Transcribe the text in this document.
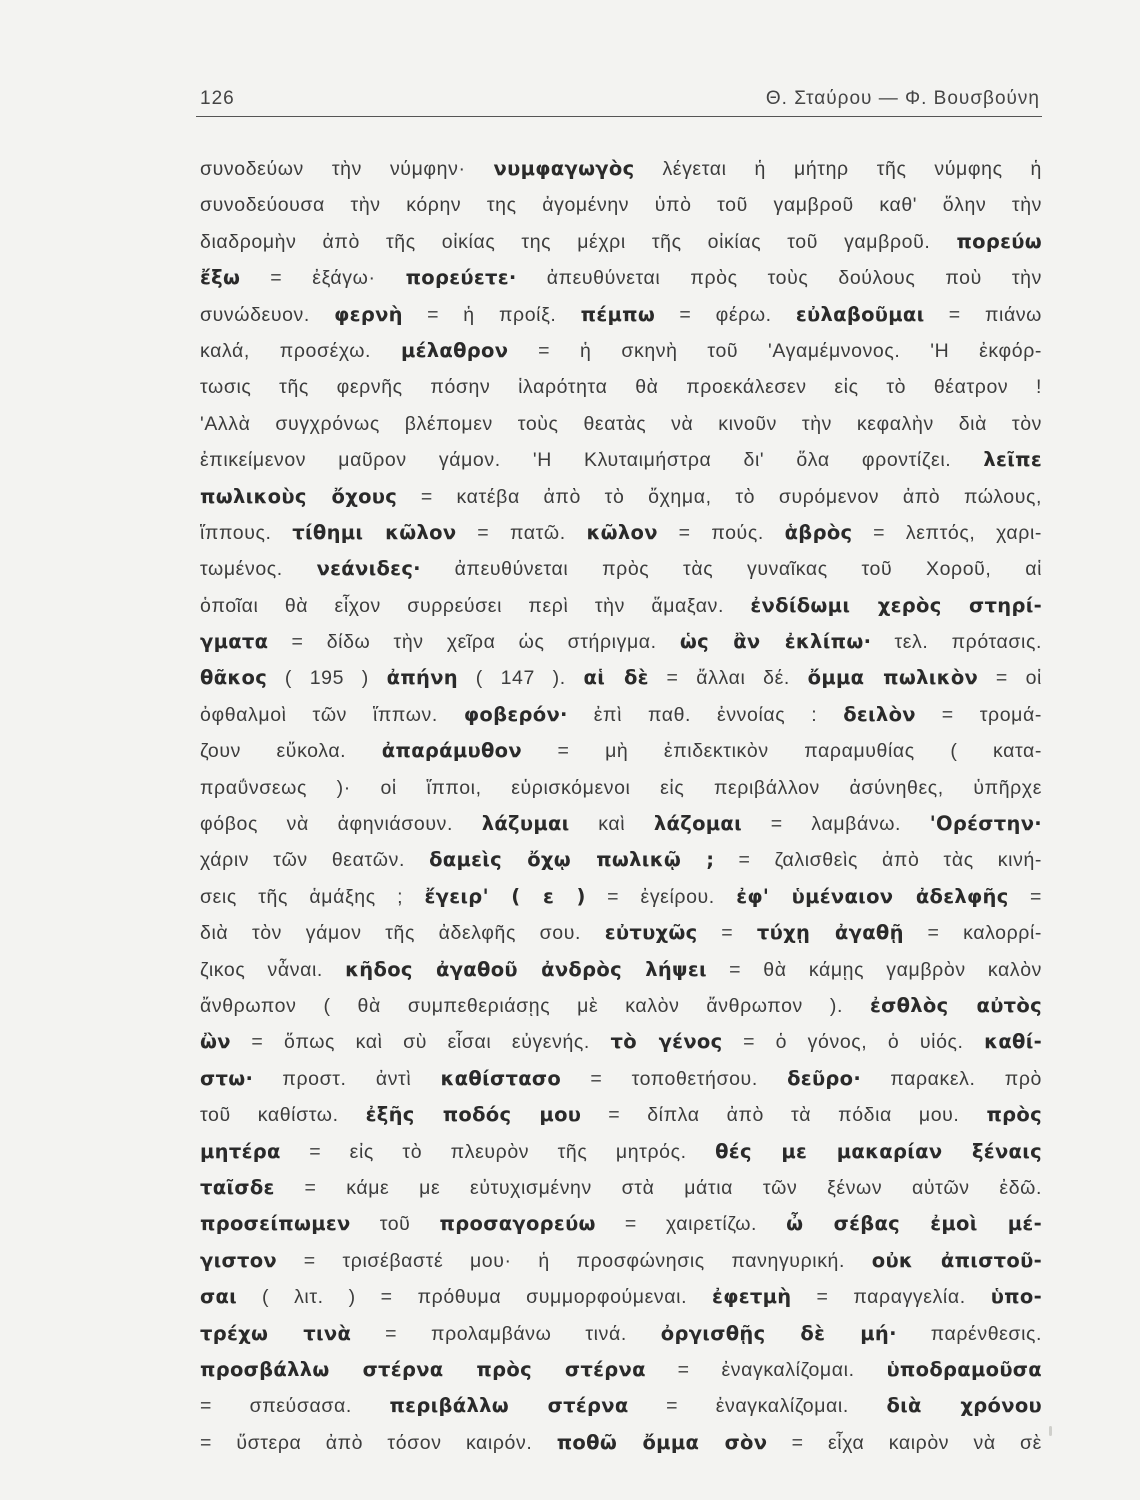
126	Θ. Σταύρου — Φ. Βουσβούνη
συνοδεύων τὴν νύμφην· νυμφαγωγὸς λέγεται ἡ μήτηρ τῆς νύμφης ἡ
συνοδεύουσα τὴν κόρην της ἀγομένην ὑπὸ τοῦ γαμβροῦ καθ' ὅλην τὴν
διαδρομὴν ἀπὸ τῆς οἰκίας της μέχρι τῆς οἰκίας τοῦ γαμβροῦ. πορεύω
ἔξω = ἐξάγω· πορεύετε· ἀπευθύνεται πρὸς τοὺς δούλους ποὺ τὴν
συνώδευον. φερνὴ = ἡ προίξ. πέμπω = φέρω. εὐλαβοῦμαι = πιάνω
καλά, προσέχω. μέλαθρον = ἡ σκηνὴ τοῦ 'Αγαμέμνονος. 'Η ἐκφόρ-
τωσις τῆς φερνῆς πόσην ἱλαρότητα θὰ προεκάλεσεν εἰς τὸ θέατρον !
'Αλλὰ συγχρόνως βλέπομεν τοὺς θεατὰς νὰ κινοῦν τὴν κεφαλὴν διὰ τὸν
ἐπικείμενον μαῦρον γάμον. 'Η Κλυταιμήστρα δι' ὅλα φροντίζει. λεῖπε
πωλικοὺς ὄχους = κατέβα ἀπὸ τὸ ὄχημα, τὸ συρόμενον ἀπὸ πώλους,
ἵππους. τίθημι κῶλον = πατῶ. κῶλον = πούς. ἁβρὸς = λεπτός, χαρι-
τωμένος. νεάνιδες· ἀπευθύνεται πρὸς τὰς γυναῖκας τοῦ Χοροῦ, αἱ
ὁποῖαι θὰ εἶχον συρρεύσει περὶ τὴν ἅμαξαν. ἐνδίδωμι χερὸς στηρί-
γματα = δίδω τὴν χεῖρα ὡς στήριγμα. ὡς ἂν ἐκλίπω· τελ. πρότασις.
θᾶκος ( 195 ) ἀπήνη ( 147 ). αἱ δὲ = ἄλλαι δέ. ὄμμα πωλικὸν = οἱ
ὀφθαλμοὶ τῶν ἵππων. φοβερόν· ἐπὶ παθ. ἐννοίας : δειλὸν = τρομά-
ζουν εὔκολα. ἀπαράμυθον = μὴ ἐπιδεκτικὸν παραμυθίας ( κατα-
πραΰνσεως )· οἱ ἵπποι, εὑρισκόμενοι εἰς περιβάλλον ἀσύνηθες, ὑπῆρχε
φόβος νὰ ἀφηνιάσουν. λάζυμαι καὶ λάζομαι = λαμβάνω. 'Ορέστην·
χάριν τῶν θεατῶν. δαμεὶς ὄχῳ πωλικῷ ; = ζαλισθεὶς ἀπὸ τὰς κινή-
σεις τῆς ἁμάξης ; ἔγειρ' ( ε ) = ἐγείρου. ἐφ' ὑμέναιον ἀδελφῆς =
διὰ τὸν γάμον τῆς ἀδελφῆς σου. εὐτυχῶς = τύχῃ ἀγαθῇ = καλορρί-
ζικος νἆναι. κῆδος ἀγαθοῦ ἀνδρὸς λήψει = θὰ κάμῃς γαμβρὸν καλὸν
ἄνθρωπον ( θὰ συμπεθεριάσῃς μὲ καλὸν ἄνθρωπον ). ἐσθλὸς αὐτὸς
ὢν = ὅπως καὶ σὺ εἶσαι εὐγενής. τὸ γένος = ὁ γόνος, ὁ υἱός. καθί-
στω· προστ. ἀντὶ καθίστασο = τοποθετήσου. δεῦρο· παρακελ. πρὸ
τοῦ καθίστω. ἐξῆς ποδός μου = δίπλα ἀπὸ τὰ πόδια μου. πρὸς
μητέρα = εἰς τὸ πλευρὸν τῆς μητρός. θές με μακαρίαν ξέναις
ταῖσδε = κάμε με εὐτυχισμένην στὰ μάτια τῶν ξένων αὐτῶν ἐδῶ.
προσείπωμεν τοῦ προσαγορεύω = χαιρετίζω. ὦ σέβας ἐμοὶ μέ-
γιστον = τρισέβαστέ μου· ἡ προσφώνησις πανηγυρική. οὐκ ἀπιστοῦ-
σαι ( λιτ. ) = πρόθυμα συμμορφούμεναι. ἐφετμὴ = παραγγελία. ὑπο-
τρέχω τινὰ = προλαμβάνω τινά. ὀργισθῇς δὲ μή· παρένθεσις.
προσβάλλω στέρνα πρὸς στέρνα = ἐναγκαλίζομαι. ὑποδραμοῦσα
= σπεύσασα. περιβάλλω στέρνα = ἐναγκαλίζομαι. διὰ χρόνου
= ὕστερα ἀπὸ τόσον καιρόν. ποθῶ ὄμμα σὸν = εἶχα καιρὸν νὰ σὲ
